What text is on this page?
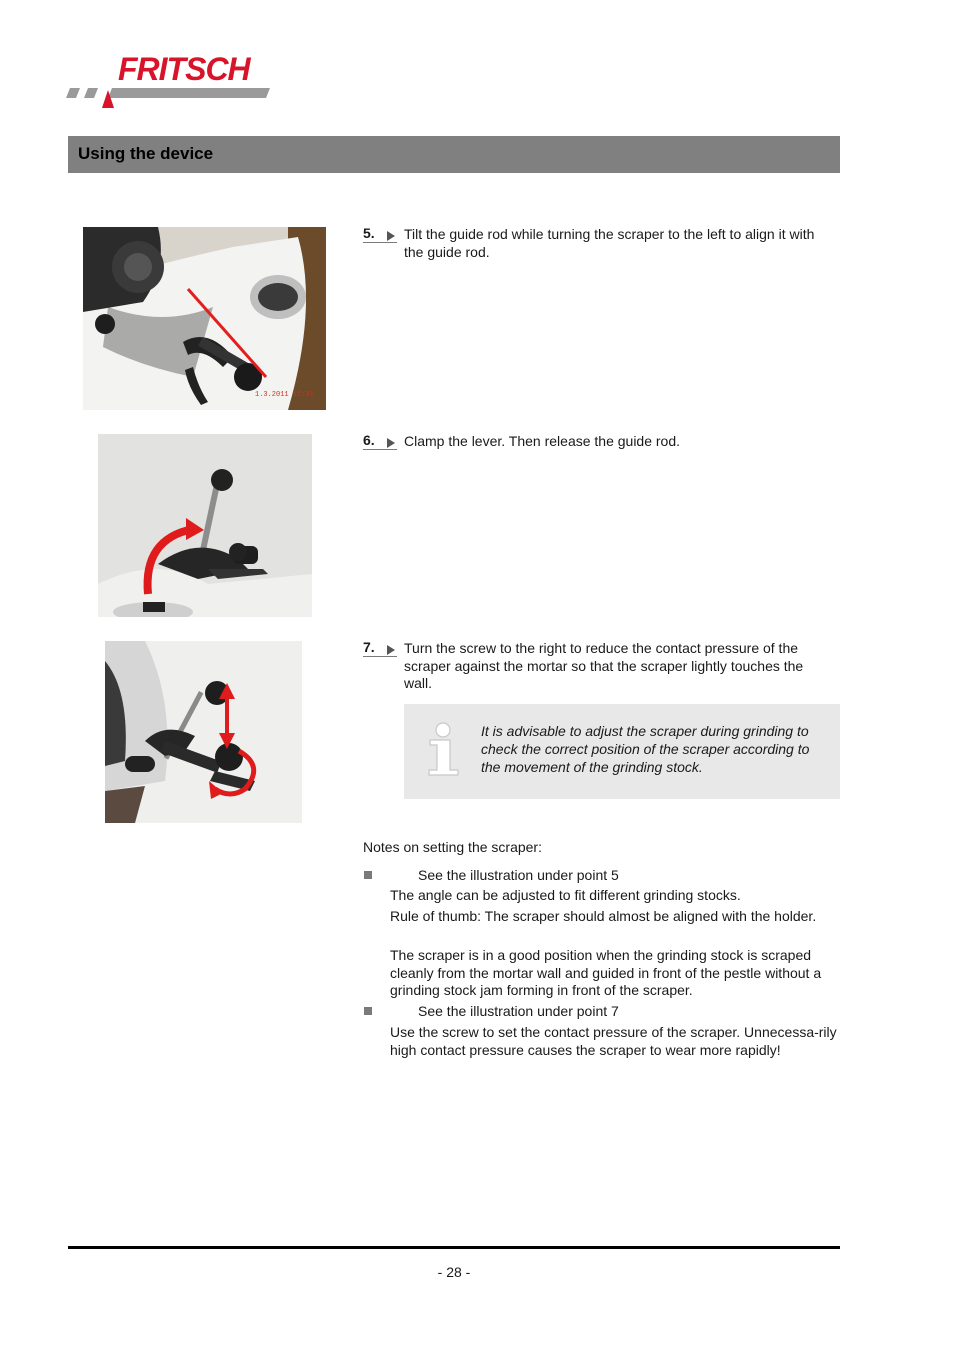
FRITSCH
Using the device
1.3.2011 15:31
5.	Tilt the guide rod while turning the scraper to the left to align it with the guide rod.
6.	Clamp the lever. Then release the guide rod.
7.	Turn the screw to the right to reduce the contact pressure of the scraper against the mortar so that the scraper lightly touches the wall.
It is advisable to adjust the scraper during grinding to check the correct position of the scraper according to the movement of the grinding stock.
Notes on setting the scraper:
See the illustration under point 5
The angle can be adjusted to fit different grinding stocks.
Rule of thumb: The scraper should almost be aligned with the holder.
The scraper is in a good position when the grinding stock is scraped cleanly from the mortar wall and guided in front of the pestle without a grinding stock jam forming in front of the scraper.
See the illustration under point 7
Use the screw to set the contact pressure of the scraper. Unnecessa-rily high contact pressure causes the scraper to wear more rapidly!
- 28 -
